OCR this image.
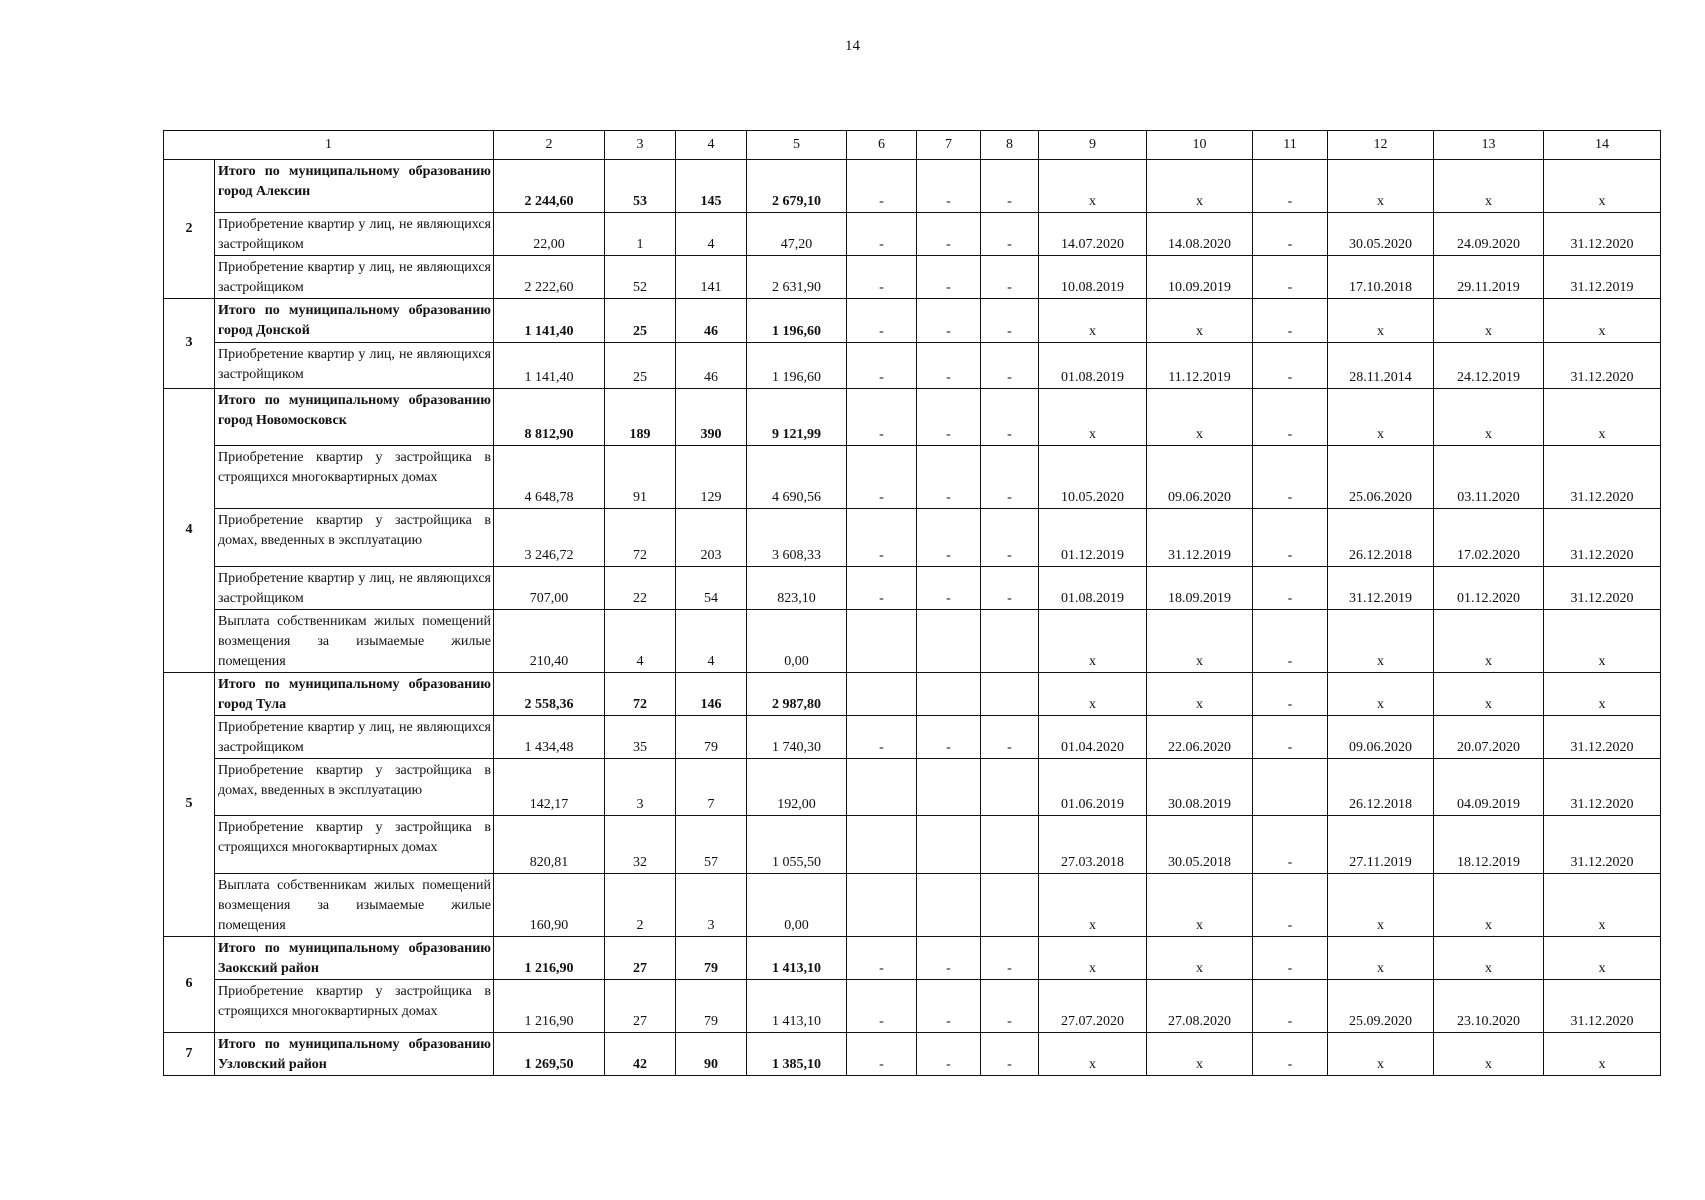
14
1		2	3	4	5	6	7	8	9	10	11	12	13	14
2	Итого по муниципальному образованию город Алексин	2 244,60	53	145	2 679,10	-	-	-	x	x	-	x	x	x
	Приобретение квартир у лиц, не являющихся застройщиком	22,00	1	4	47,20	-	-	-	14.07.2020	14.08.2020	-	30.05.2020	24.09.2020	31.12.2020
	Приобретение квартир у лиц, не являющихся застройщиком	2 222,60	52	141	2 631,90	-	-	-	10.08.2019	10.09.2019	-	17.10.2018	29.11.2019	31.12.2019
3	Итого по муниципальному образованию город Донской	1 141,40	25	46	1 196,60	-	-	-	x	x	-	x	x	x
	Приобретение квартир у лиц, не являющихся застройщиком	1 141,40	25	46	1 196,60	-	-	-	01.08.2019	11.12.2019	-	28.11.2014	24.12.2019	31.12.2020
4	Итого по муниципальному образованию город Новомосковск	8 812,90	189	390	9 121,99	-	-	-	x	x	-	x	x	x
	Приобретение квартир у застройщика в строящихся многоквартирных домах	4 648,78	91	129	4 690,56	-	-	-	10.05.2020	09.06.2020	-	25.06.2020	03.11.2020	31.12.2020
	Приобретение квартир у застройщика в домах, введенных в эксплуатацию	3 246,72	72	203	3 608,33	-	-	-	01.12.2019	31.12.2019	-	26.12.2018	17.02.2020	31.12.2020
	Приобретение квартир у лиц, не являющихся застройщиком	707,00	22	54	823,10	-	-	-	01.08.2019	18.09.2019	-	31.12.2019	01.12.2020	31.12.2020
	Выплата собственникам жилых помещений возмещения за изымаемые жилые помещения	210,40	4	4	0,00				x	x	-	x	x	x
5	Итого по муниципальному образованию город Тула	2 558,36	72	146	2 987,80				x	x	-	x	x	x
	Приобретение квартир у лиц, не являющихся застройщиком	1 434,48	35	79	1 740,30	-	-	-	01.04.2020	22.06.2020	-	09.06.2020	20.07.2020	31.12.2020
	Приобретение квартир у застройщика в домах, введенных в эксплуатацию	142,17	3	7	192,00				01.06.2019	30.08.2019		26.12.2018	04.09.2019	31.12.2020
	Приобретение квартир у застройщика в строящихся многоквартирных домах	820,81	32	57	1 055,50				27.03.2018	30.05.2018	-	27.11.2019	18.12.2019	31.12.2020
	Выплата собственникам жилых помещений возмещения за изымаемые жилые помещения	160,90	2	3	0,00				x	x	-	x	x	x
6	Итого по муниципальному образованию Заокский район	1 216,90	27	79	1 413,10	-	-	-	x	x	-	x	x	x
	Приобретение квартир у застройщика в строящихся многоквартирных домах	1 216,90	27	79	1 413,10	-	-	-	27.07.2020	27.08.2020	-	25.09.2020	23.10.2020	31.12.2020
7	Итого по муниципальному образованию Узловский район	1 269,50	42	90	1 385,10	-	-	-	x	x	-	x	x	x
